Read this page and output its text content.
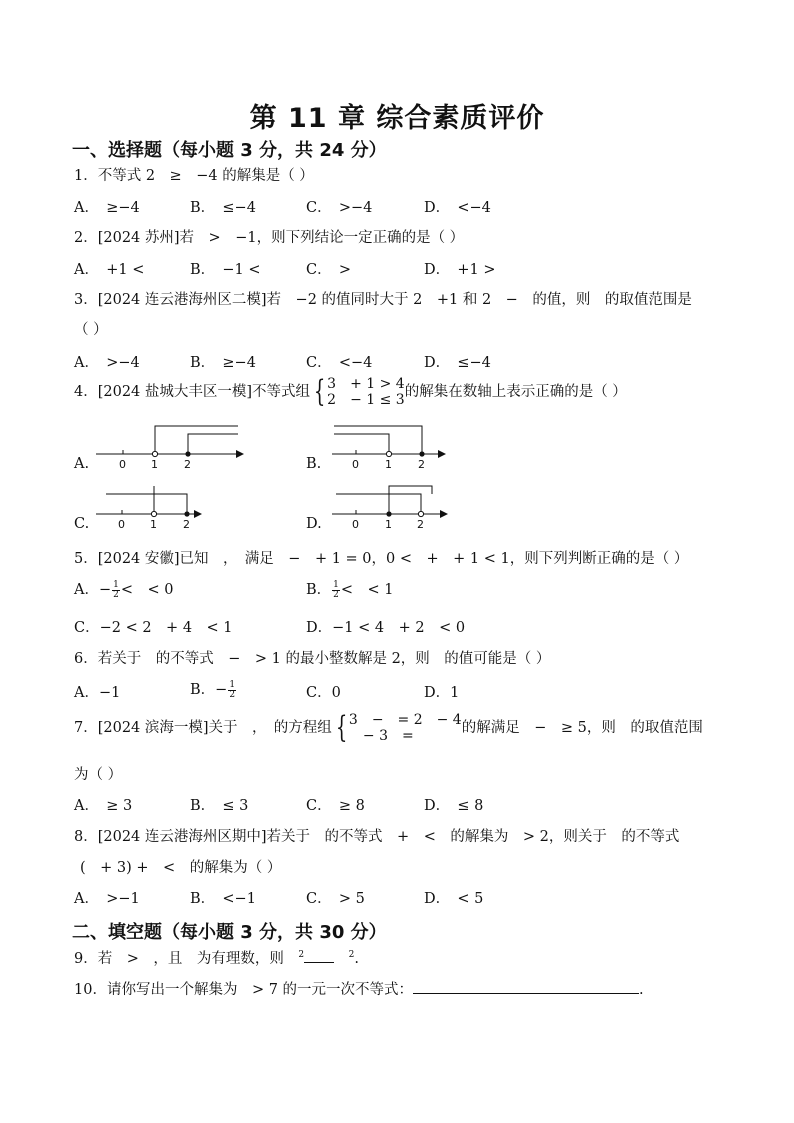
第 11 章 综合素质评价
一、选择题（每小题 3 分，共 24 分）
1．不等式 2　≥　−4 的解集是（ ）
A．　≥−4	B．　≤−4	C．　>−4	D．　<−4
2．[2024 苏州]若　>　−1，则下列结论一定正确的是（ ）
A．　+1 <	B．　−1 <	C．　>	D．　+1 >
3．[2024 连云港海州区二模]若　−2 的值同时大于 2　+1 和 2　−　的值，则　的取值范围是
（ ）
A．　>−4	B．　≥−4	C．　<−4	D．　≤−4
4．[2024 盐城大丰区一模]不等式组 { 3　+ 1 > 4
2　− 1 ≤ 3 的解集在数轴上表示正确的是（ ）
A.	0 1 2	B.	0 1 2
C.	0 1 2	D.	0 1 2
5．[2024 安徽]已知　，　满足　−　+ 1 = 0，0 <　+　+ 1 < 1，则下列判断正确的是（ ）
A．− $\frac{1}{2}$ <　< 0	B． $\frac{1}{2}$ <　< 1
C．−2 < 2　+ 4　< 1	D．−1 < 4　+ 2　< 0
6．若关于　的不等式　−　> 1 的最小整数解是 2，则　的值可能是（ ）
A．−1	B．− $\frac{1}{2}$	C．0	D．1
7．[2024 滨海一模]关于　，　的方程组 { 3　−　= 2　− 4
　− 3　=	的解满足　−　≥ 5，则　的取值范围
为（ ）
A．　≥ 3	B．　≤ 3	C．　≥ 8	D．　≤ 8
8．[2024 连云港海州区期中]若关于　的不等式　+　<　的解集为　> 2，则关于　的不等式
(　+ 3) +　<　的解集为（ ）
A．　>−1	B．　<−1	C．　> 5	D．　< 5
二、填空题（每小题 3 分，共 30 分）
9．若　>　，且　为有理数，则　$^2$　	$^2$.
10．请你写出一个解集为　> 7 的一元一次不等式：	.
